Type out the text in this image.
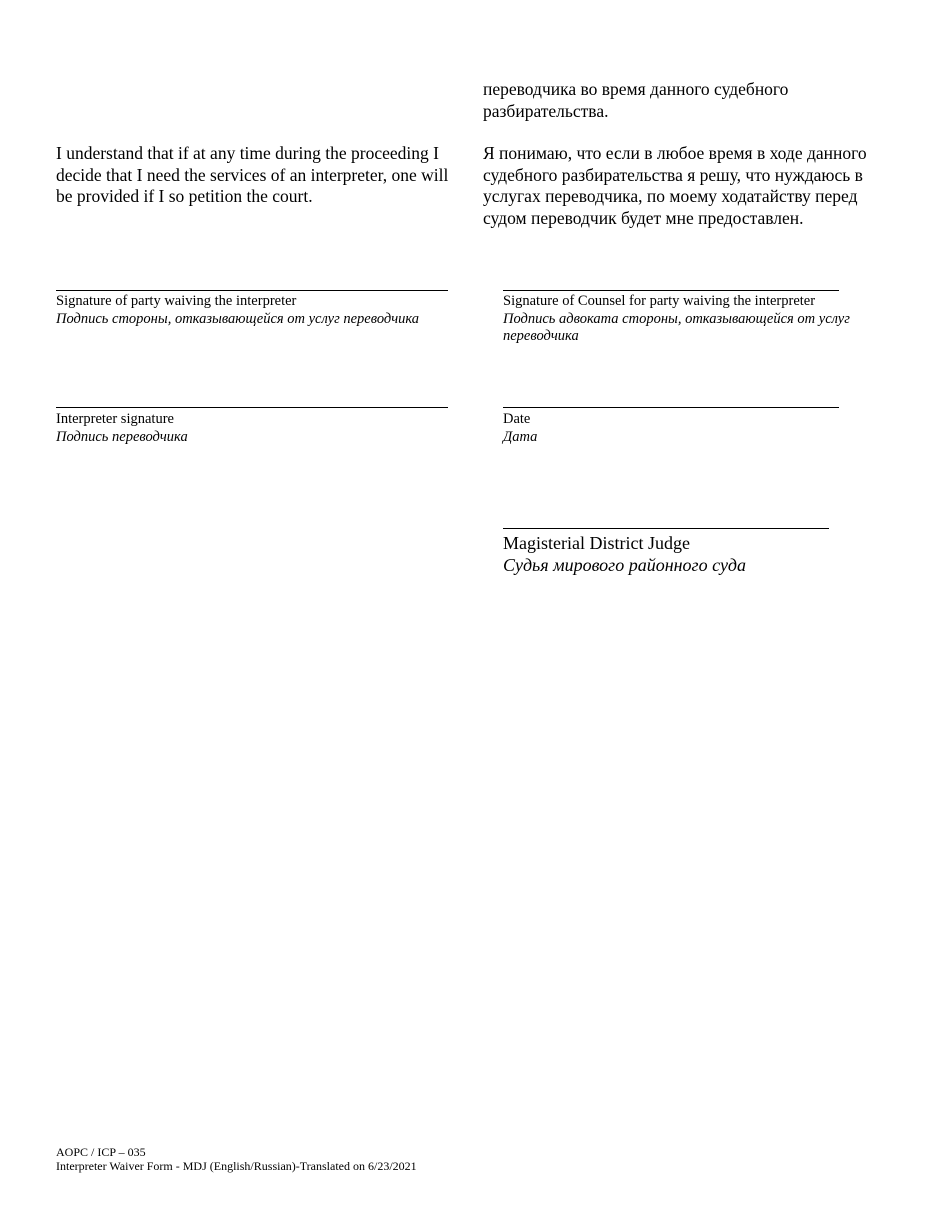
переводчика во время данного судебного разбирательства.
I understand that if at any time during the proceeding I decide that I need the services of an interpreter, one will be provided if I so petition the court.
Я понимаю, что если в любое время в ходе данного судебного разбирательства я решу, что нуждаюсь в услугах переводчика, по моему ходатайству перед судом переводчик будет мне предоставлен.
Signature of party waiving the interpreter
Подпись стороны, отказывающейся от услуг переводчика
Signature of Counsel for party waiving the interpreter
Подпись адвоката стороны, отказывающейся от услуг переводчика
Interpreter signature
Подпись переводчика
Date
Дата
Magisterial District Judge
Судья мирового районного суда
AOPC / ICP – 035
Interpreter Waiver Form - MDJ (English/Russian)-Translated on 6/23/2021
